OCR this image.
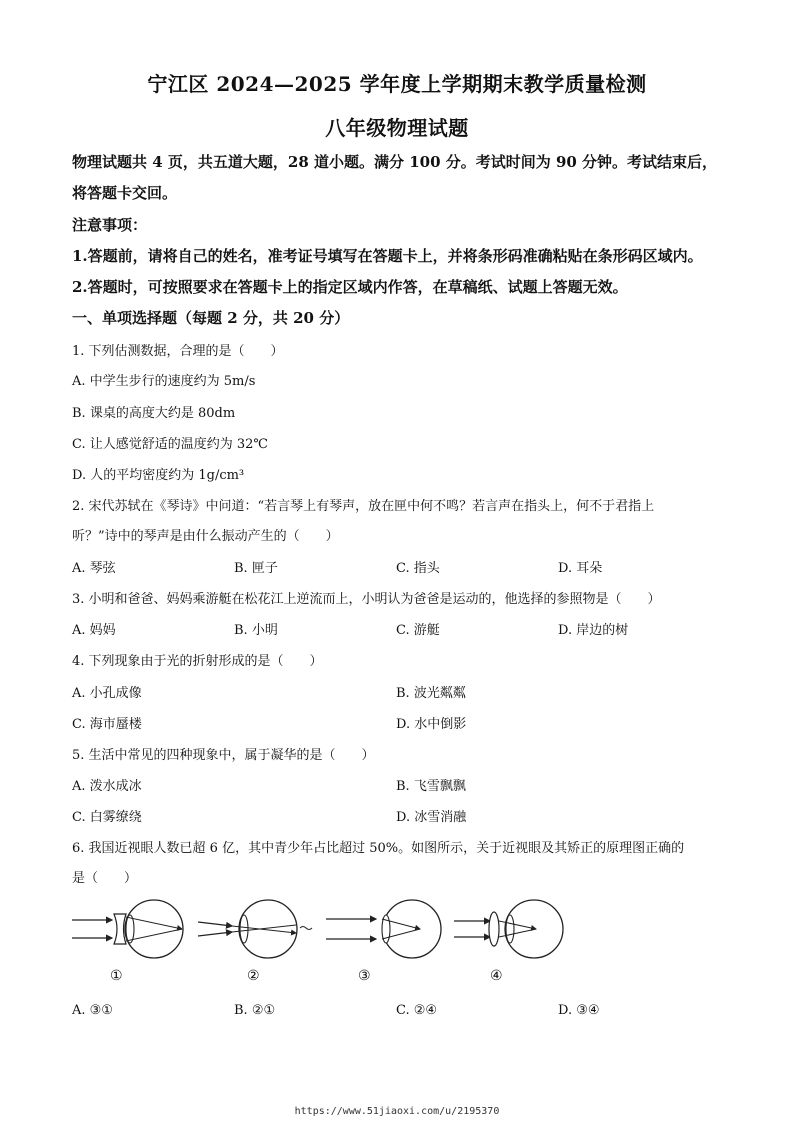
宁江区 2024—2025 学年度上学期期末教学质量检测
八年级物理试题
物理试题共 4 页，共五道大题，28 道小题。满分 100 分。考试时间为 90 分钟。考试结束后，
将答题卡交回。
注意事项：
1.答题前，请将自己的姓名，准考证号填写在答题卡上，并将条形码准确粘贴在条形码区域内。
2.答题时，可按照要求在答题卡上的指定区域内作答，在草稿纸、试题上答题无效。
一、单项选择题（每题 2 分，共 20 分）
1. 下列估测数据，合理的是（　　）
A. 中学生步行的速度约为 5m/s
B. 课桌的高度大约是 80dm
C. 让人感觉舒适的温度约为 32℃
D. 人的平均密度约为 1g/cm³
2. 宋代苏轼在《琴诗》中问道：“若言琴上有琴声，放在匣中何不鸣？若言声在指头上，何不于君指上
听？”诗中的琴声是由什么振动产生的（　　）
A. 琴弦	B. 匣子	C. 指头	D. 耳朵
3. 小明和爸爸、妈妈乘游艇在松花江上逆流而上，小明认为爸爸是运动的，他选择的参照物是（　　）
A. 妈妈	B. 小明	C. 游艇	D. 岸边的树
4. 下列现象由于光的折射形成的是（　　）
A. 小孔成像	B. 波光粼粼
C. 海市蜃楼	D. 水中倒影
5. 生活中常见的四种现象中，属于凝华的是（　　）
A. 泼水成冰	B. 飞雪飘飘
C. 白雾缭绕	D. 冰雪消融
6. 我国近视眼人数已超 6 亿，其中青少年占比超过 50%。如图所示，关于近视眼及其矫正的原理图正确的
是（　　）
①	②	③	④
A. ③①	B. ②①	C. ②④	D. ③④
https://www.51jiaoxi.com/u/2195370
